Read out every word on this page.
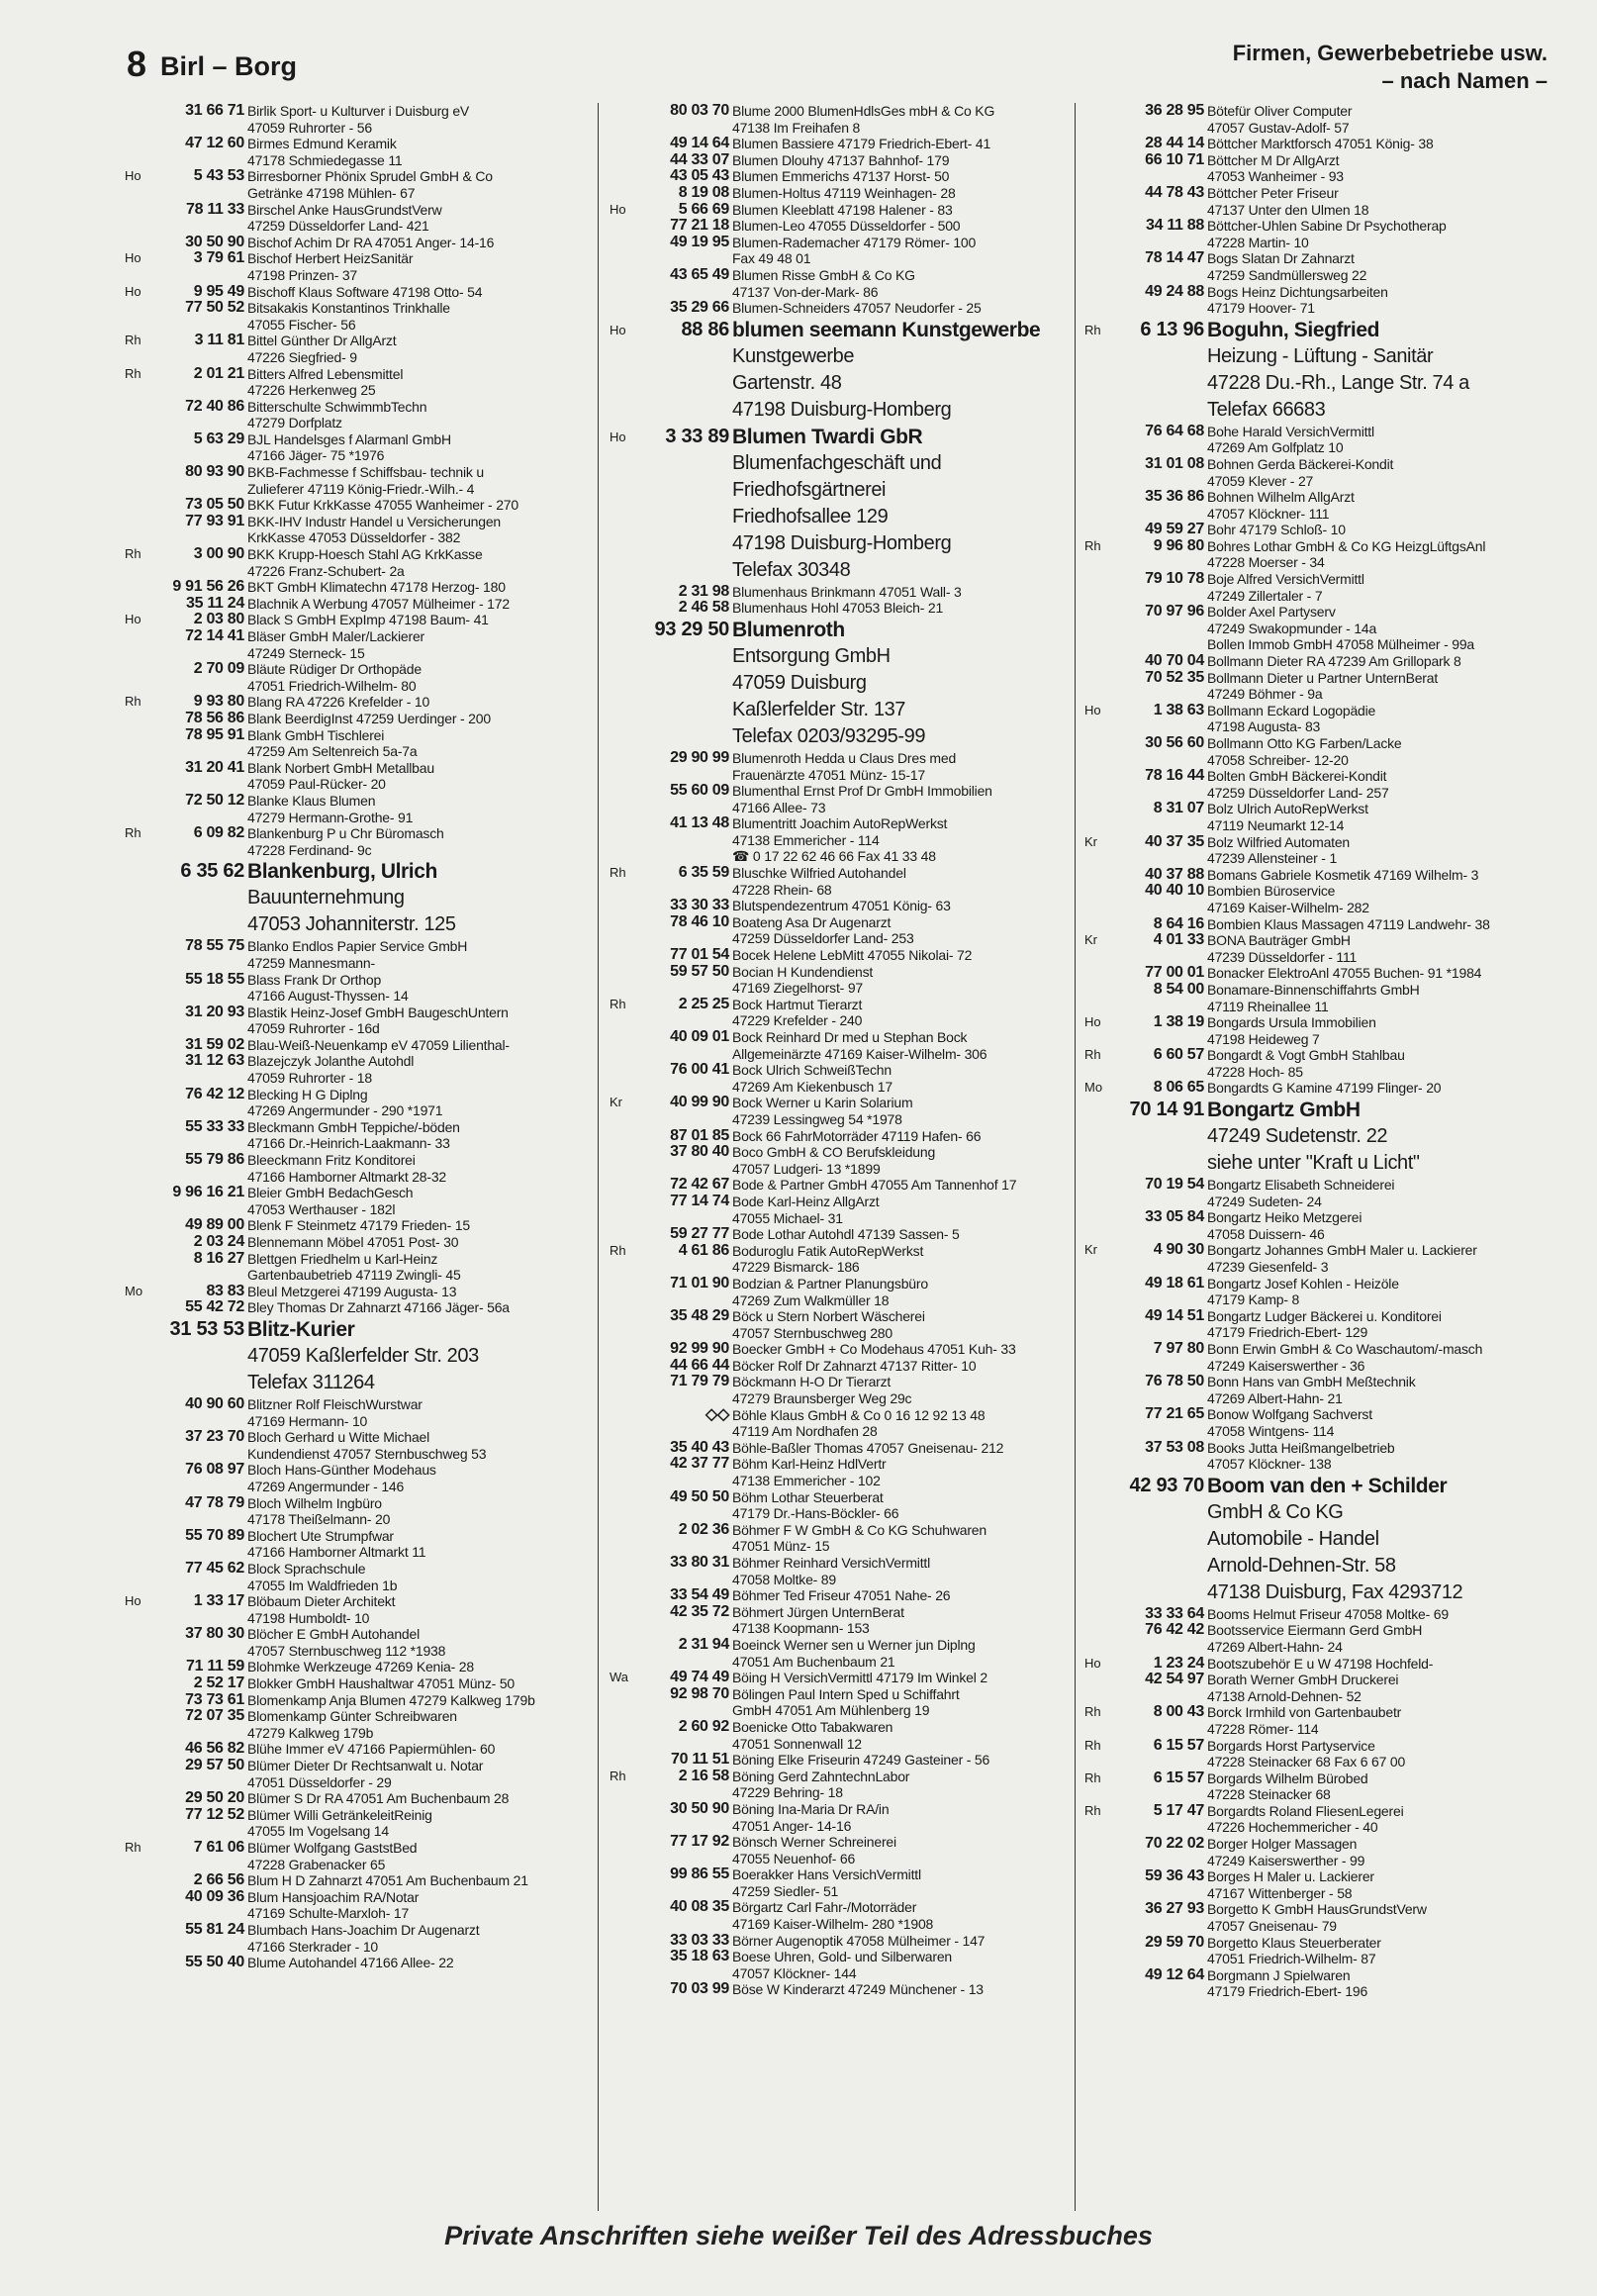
8 Birl – Borg	Firmen, Gewerbebetriebe usw.
– nach Namen –
31 66 71 Birlik Sport- u Kulturver i Duisburg eV
47059 Ruhrorter - 56
47 12 60 Birmes Edmund Keramik
47178 Schmiedegasse 11
Ho	5 43 53 Birresborner Phönix Sprudel GmbH & Co
Getränke 47198 Mühlen- 67
78 11 33 Birschel Anke HausGrundstVerw
47259 Düsseldorfer Land- 421
30 50 90 Bischof Achim Dr RA 47051 Anger- 14-16
Ho	3 79 61 Bischof Herbert HeizSanitär
47198 Prinzen- 37
Ho	9 95 49 Bischoff Klaus Software 47198 Otto- 54
77 50 52 Bitsakakis Konstantinos Trinkhalle
47055 Fischer- 56
Rh	3 11 81 Bittel Günther Dr AllgArzt
47226 Siegfried- 9
Rh	2 01 21 Bitters Alfred Lebensmittel
47226 Herkenweg 25
72 40 86 Bitterschulte SchwimmbTechn
47279 Dorfplatz
5 63 29 BJL Handelsges f Alarmanl GmbH
47166 Jäger- 75 *1976
80 93 90 BKB-Fachmesse f Schiffsbau- technik u
Zulieferer 47119 König-Friedr.-Wilh.- 4
73 05 50 BKK Futur KrkKasse 47055 Wanheimer - 270
77 93 91 BKK-IHV Industr Handel u Versicherungen
KrkKasse 47053 Düsseldorfer - 382
Rh	3 00 90 BKK Krupp-Hoesch Stahl AG KrkKasse
47226 Franz-Schubert- 2a
9 91 56 26 BKT GmbH Klimatechn 47178 Herzog- 180
35 11 24 Blachnik A Werbung 47057 Mülheimer - 172
Ho	2 03 80 Black S GmbH ExpImp 47198 Baum- 41
72 14 41 Bläser GmbH Maler/Lackierer
47249 Sterneck- 15
2 70 09 Bläute Rüdiger Dr Orthopäde
47051 Friedrich-Wilhelm- 80
Rh	9 93 80 Blang RA 47226 Krefelder - 10
78 56 86 Blank BeerdigInst 47259 Uerdinger - 200
78 95 91 Blank GmbH Tischlerei
47259 Am Seltenreich 5a-7a
31 20 41 Blank Norbert GmbH Metallbau
47059 Paul-Rücker- 20
72 50 12 Blanke Klaus Blumen
47279 Hermann-Grothe- 91
Rh	6 09 82 Blankenburg P u Chr Büromasch
47228 Ferdinand- 9c
6 35 62 Blankenburg, Ulrich
Bauunternehmung
47053 Johanniterstr. 125
78 55 75 Blanko Endlos Papier Service GmbH
47259 Mannesmann-
55 18 55 Blass Frank Dr Orthop
47166 August-Thyssen- 14
31 20 93 Blastik Heinz-Josef GmbH BaugeschUntern
47059 Ruhrorter - 16d
31 59 02 Blau-Weiß-Neuenkamp eV 47059 Lilienthal-
31 12 63 Blazejczyk Jolanthe Autohdl
47059 Ruhrorter - 18
76 42 12 Blecking H G Diplng
47269 Angermunder - 290 *1971
55 33 33 Bleckmann GmbH Teppiche/-böden
47166 Dr.-Heinrich-Laakmann- 33
55 79 86 Bleeckmann Fritz Konditorei
47166 Hamborner Altmarkt 28-32
9 96 16 21 Bleier GmbH BedachGesch
47053 Werthauser - 182l
49 89 00 Blenk F Steinmetz 47179 Frieden- 15
2 03 24 Blennemann Möbel 47051 Post- 30
8 16 27 Blettgen Friedhelm u Karl-Heinz
Gartenbaubetrieb 47119 Zwingli- 45
Mo	83 83 Bleul Metzgerei 47199 Augusta- 13
55 42 72 Bley Thomas Dr Zahnarzt 47166 Jäger- 56a
31 53 53 Blitz-Kurier
47059 Kaßlerfelder Str. 203
Telefax 311264
40 90 60 Blitzner Rolf FleischWurstwar
47169 Hermann- 10
37 23 70 Bloch Gerhard u Witte Michael
Kundendienst 47057 Sternbuschweg 53
76 08 97 Bloch Hans-Günther Modehaus
47269 Angermunder - 146
47 78 79 Bloch Wilhelm Ingbüro
47178 Theißelmann- 20
55 70 89 Blochert Ute Strumpfwar
47166 Hamborner Altmarkt 11
77 45 62 Block Sprachschule
47055 Im Waldfrieden 1b
Ho	1 33 17 Blöbaum Dieter Architekt
47198 Humboldt- 10
37 80 30 Blöcher E GmbH Autohandel
47057 Sternbuschweg 112 *1938
71 11 59 Blohmke Werkzeuge 47269 Kenia- 28
2 52 17 Blokker GmbH Haushaltwar 47051 Münz- 50
73 73 61 Blomenkamp Anja Blumen 47279 Kalkweg 179b
72 07 35 Blomenkamp Günter Schreibwaren
47279 Kalkweg 179b
46 56 82 Blühe Immer eV 47166 Papiermühlen- 60
29 57 50 Blümer Dieter Dr Rechtsanwalt u. Notar
47051 Düsseldorfer - 29
29 50 20 Blümer S Dr RA 47051 Am Buchenbaum 28
77 12 52 Blümer Willi GetränkeleitReinig
47055 Im Vogelsang 14
Rh	7 61 06 Blümer Wolfgang GaststBed
47228 Grabenacker 65
2 66 56 Blum H D Zahnarzt 47051 Am Buchenbaum 21
40 09 36 Blum Hansjoachim RA/Notar
47169 Schulte-Marxloh- 17
55 81 24 Blumbach Hans-Joachim Dr Augenarzt
47166 Sterkrader - 10
55 50 40 Blume Autohandel 47166 Allee- 22
80 03 70 Blume 2000 BlumenHdlsGes mbH & Co KG
47138 Im Freihafen 8
49 14 64 Blumen Bassiere 47179 Friedrich-Ebert- 41
44 33 07 Blumen Dlouhy 47137 Bahnhof- 179
43 05 43 Blumen Emmerichs 47137 Horst- 50
8 19 08 Blumen-Holtus 47119 Weinhagen- 28
Ho	5 66 69 Blumen Kleeblatt 47198 Halener - 83
77 21 18 Blumen-Leo 47055 Düsseldorfer - 500
49 19 95 Blumen-Rademacher 47179 Römer- 100
Fax 49 48 01
43 65 49 Blumen Risse GmbH & Co KG
47137 Von-der-Mark- 86
35 29 66 Blumen-Schneiders 47057 Neudorfer - 25
Ho	88 86 blumen seemann Kunstgewerbe
Kunstgewerbe
Gartenstr. 48
47198 Duisburg-Homberg
Ho	3 33 89 Blumen Twardi GbR
Blumenfachgeschäft und
Friedhofsgärtnerei
Friedhofsallee 129
47198 Duisburg-Homberg
Telefax 30348
2 31 98 Blumenhaus Brinkmann 47051 Wall- 3
2 46 58 Blumenhaus Hohl 47053 Bleich- 21
93 29 50 Blumenroth
Entsorgung GmbH
47059 Duisburg
Kaßlerfelder Str. 137
Telefax 0203/93295-99
29 90 99 Blumenroth Hedda u Claus Dres med
Frauenärzte 47051 Münz- 15-17
55 60 09 Blumenthal Ernst Prof Dr GmbH Immobilien
47166 Allee- 73
41 13 48 Blumentritt Joachim AutoRepWerkst
47138 Emmericher - 114
☎ 0 17 22 62 46 66 Fax 41 33 48
Rh	6 35 59 Bluschke Wilfried Autohandel
47228 Rhein- 68
33 30 33 Blutspendezentrum 47051 König- 63
78 46 10 Boateng Asa Dr Augenarzt
47259 Düsseldorfer Land- 253
77 01 54 Bocek Helene LebMitt 47055 Nikolai- 72
59 57 50 Bocian H Kundendienst
47169 Ziegelhorst- 97
Rh	2 25 25 Bock Hartmut Tierarzt
47229 Krefelder - 240
40 09 01 Bock Reinhard Dr med u Stephan Bock
Allgemeinärzte 47169 Kaiser-Wilhelm- 306
76 00 41 Bock Ulrich SchweißTechn
47269 Am Kiekenbusch 17
Kr	40 99 90 Bock Werner u Karin Solarium
47239 Lessingweg 54 *1978
87 01 85 Bock 66 FahrMotorräder 47119 Hafen- 66
37 80 40 Boco GmbH & CO Berufskleidung
47057 Ludgeri- 13 *1899
72 42 67 Bode & Partner GmbH 47055 Am Tannenhof 17
77 14 74 Bode Karl-Heinz AllgArzt
47055 Michael- 31
59 27 77 Bode Lothar Autohdl 47139 Sassen- 5
Rh	4 61 86 Boduroglu Fatik AutoRepWerkst
47229 Bismarck- 186
71 01 90 Bodzian & Partner Planungsbüro
47269 Zum Walkmüller 18
35 48 29 Böck u Stern Norbert Wäscherei
47057 Sternbuschweg 280
92 99 90 Boecker GmbH + Co Modehaus 47051 Kuh- 33
44 66 44 Böcker Rolf Dr Zahnarzt 47137 Ritter- 10
71 79 79 Böckmann H-O Dr Tierarzt
47279 Braunsberger Weg 29c
◇◇ Böhle Klaus GmbH & Co 0 16 12 92 13 48
47119 Am Nordhafen 28
35 40 43 Böhle-Baßler Thomas 47057 Gneisenau- 212
42 37 77 Böhm Karl-Heinz HdlVertr
47138 Emmericher - 102
49 50 50 Böhm Lothar Steuerberat
47179 Dr.-Hans-Böckler- 66
2 02 36 Böhmer F W GmbH & Co KG Schuhwaren
47051 Münz- 15
33 80 31 Böhmer Reinhard VersichVermittl
47058 Moltke- 89
33 54 49 Böhmer Ted Friseur 47051 Nahe- 26
42 35 72 Böhmert Jürgen UnternBerat
47138 Koopmann- 153
2 31 94 Boeinck Werner sen u Werner jun Diplng
47051 Am Buchenbaum 21
Wa	49 74 49 Böing H VersichVermittl 47179 Im Winkel 2
92 98 70 Bölingen Paul Intern Sped u Schiffahrt
GmbH 47051 Am Mühlenberg 19
2 60 92 Boenicke Otto Tabakwaren
47051 Sonnenwall 12
70 11 51 Böning Elke Friseurin 47249 Gasteiner - 56
Rh	2 16 58 Böning Gerd ZahntechnLabor
47229 Behring- 18
30 50 90 Böning Ina-Maria Dr RA/in
47051 Anger- 14-16
77 17 92 Bönsch Werner Schreinerei
47055 Neuenhof- 66
99 86 55 Boerakker Hans VersichVermittl
47259 Siedler- 51
40 08 35 Börgartz Carl Fahr-/Motorräder
47169 Kaiser-Wilhelm- 280 *1908
33 03 33 Börner Augenoptik 47058 Mülheimer - 147
35 18 63 Boese Uhren, Gold- und Silberwaren
47057 Klöckner- 144
70 03 99 Böse W Kinderarzt 47249 Münchener - 13
36 28 95 Bötefür Oliver Computer
47057 Gustav-Adolf- 57
28 44 14 Böttcher Marktforsch 47051 König- 38
66 10 71 Böttcher M Dr AllgArzt
47053 Wanheimer - 93
44 78 43 Böttcher Peter Friseur
47137 Unter den Ulmen 18
34 11 88 Böttcher-Uhlen Sabine Dr Psychotherap
47228 Martin- 10
78 14 47 Bogs Slatan Dr Zahnarzt
47259 Sandmüllersweg 22
49 24 88 Bogs Heinz Dichtungsarbeiten
47179 Hoover- 71
Rh	6 13 96 Boguhn, Siegfried
Heizung - Lüftung - Sanitär
47228 Du.-Rh., Lange Str. 74 a
Telefax 66683
76 64 68 Bohe Harald VersichVermittl
47269 Am Golfplatz 10
31 01 08 Bohnen Gerda Bäckerei-Kondit
47059 Klever - 27
35 36 86 Bohnen Wilhelm AllgArzt
47057 Klöckner- 111
49 59 27 Bohr 47179 Schloß- 10
Rh	9 96 80 Bohres Lothar GmbH & Co KG HeizgLüftgsAnl
47228 Moerser - 34
79 10 78 Boje Alfred VersichVermittl
47249 Zillertaler - 7
70 97 96 Bolder Axel Partyserv
47249 Swakopmunder - 14a
Bollen Immob GmbH 47058 Mülheimer - 99a
40 70 04 Bollmann Dieter RA 47239 Am Grillopark 8
70 52 35 Bollmann Dieter u Partner UnternBerat
47249 Böhmer - 9a
Ho	1 38 63 Bollmann Eckard Logopädie
47198 Augusta- 83
30 56 60 Bollmann Otto KG Farben/Lacke
47058 Schreiber- 12-20
78 16 44 Bolten GmbH Bäckerei-Kondit
47259 Düsseldorfer Land- 257
8 31 07 Bolz Ulrich AutoRepWerkst
47119 Neumarkt 12-14
Kr	40 37 35 Bolz Wilfried Automaten
47239 Allensteiner - 1
40 37 88 Bomans Gabriele Kosmetik 47169 Wilhelm- 3
40 40 10 Bombien Büroservice
47169 Kaiser-Wilhelm- 282
8 64 16 Bombien Klaus Massagen 47119 Landwehr- 38
Kr	4 01 33 BONA Bauträger GmbH
47239 Düsseldorfer - 111
77 00 01 Bonacker ElektroAnl 47055 Buchen- 91 *1984
8 54 00 Bonamare-Binnenschiffahrts GmbH
47119 Rheinallee 11
Ho	1 38 19 Bongards Ursula Immobilien
47198 Heideweg 7
Rh	6 60 57 Bongardt & Vogt GmbH Stahlbau
47228 Hoch- 85
Mo	8 06 65 Bongardts G Kamine 47199 Flinger- 20
70 14 91 Bongartz GmbH
47249 Sudetenstr. 22
siehe unter "Kraft u Licht"
70 19 54 Bongartz Elisabeth Schneiderei
47249 Sudeten- 24
33 05 84 Bongartz Heiko Metzgerei
47058 Duissern- 46
Kr	4 90 30 Bongartz Johannes GmbH Maler u. Lackierer
47239 Giesenfeld- 3
49 18 61 Bongartz Josef Kohlen - Heizöle
47179 Kamp- 8
49 14 51 Bongartz Ludger Bäckerei u. Konditorei
47179 Friedrich-Ebert- 129
7 97 80 Bonn Erwin GmbH & Co Waschautom/-masch
47249 Kaiserswerther - 36
76 78 50 Bonn Hans van GmbH Meßtechnik
47269 Albert-Hahn- 21
77 21 65 Bonow Wolfgang Sachverst
47058 Wintgens- 114
37 53 08 Books Jutta Heißmangelbetrieb
47057 Klöckner- 138
42 93 70 Boom van den + Schilder
GmbH & Co KG
Automobile - Handel
Arnold-Dehnen-Str. 58
47138 Duisburg, Fax 4293712
33 33 64 Booms Helmut Friseur 47058 Moltke- 69
76 42 42 Bootsservice Eiermann Gerd GmbH
47269 Albert-Hahn- 24
Ho	1 23 24 Bootszubehör E u W 47198 Hochfeld-
42 54 97 Borath Werner GmbH Druckerei
47138 Arnold-Dehnen- 52
Rh	8 00 43 Borck Irmhild von Gartenbaubetr
47228 Römer- 114
Rh	6 15 57 Borgards Horst Partyservice
47228 Steinacker 68 Fax 6 67 00
Rh	6 15 57 Borgards Wilhelm Bürobed
47228 Steinacker 68
Rh	5 17 47 Borgardts Roland FliesenLegerei
47226 Hochemmericher - 40
70 22 02 Borger Holger Massagen
47249 Kaiserswerther - 99
59 36 43 Borges H Maler u. Lackierer
47167 Wittenberger - 58
36 27 93 Borgetto K GmbH HausGrundstVerw
47057 Gneisenau- 79
29 59 70 Borgetto Klaus Steuerberater
47051 Friedrich-Wilhelm- 87
49 12 64 Borgmann J Spielwaren
47179 Friedrich-Ebert- 196
Private Anschriften siehe weißer Teil des Adressbuches
